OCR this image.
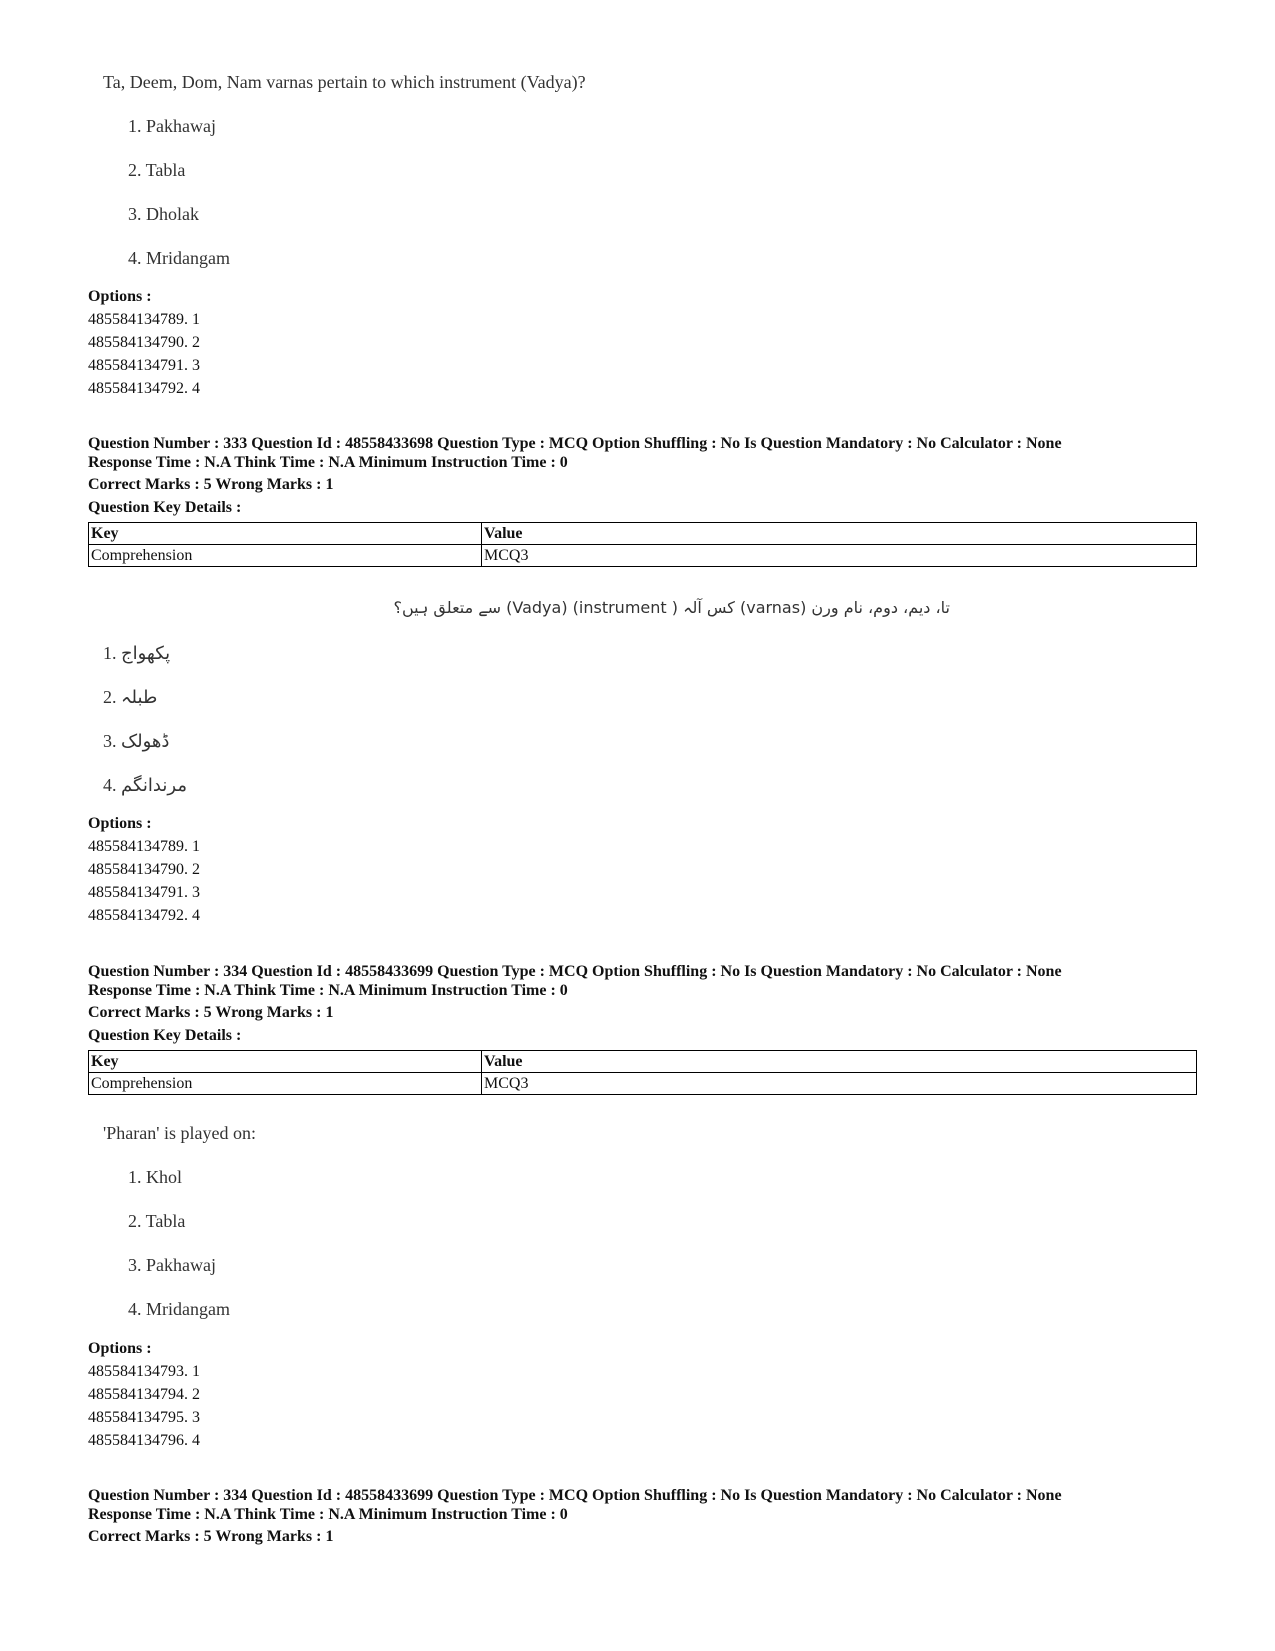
Ta, Deem, Dom, Nam varnas pertain to which instrument (Vadya)?
1. Pakhawaj
2. Tabla
3. Dholak
4. Mridangam
Options :
485584134789. 1
485584134790. 2
485584134791. 3
485584134792. 4
Question Number : 333 Question Id : 48558433698 Question Type : MCQ Option Shuffling : No Is Question Mandatory : No Calculator : None
Response Time : N.A Think Time : N.A Minimum Instruction Time : 0
Correct Marks : 5 Wrong Marks : 1
Question Key Details :
Key	Value
Comprehension	MCQ3
تا، دیم، دوم، نام ورن (varnas) کس آلہ ( instrument) (Vadya) سے متعلق ہیں؟
1. پکھواج
2. طبلہ
3. ڈھولک
4. مرندانگم
Options :
485584134789. 1
485584134790. 2
485584134791. 3
485584134792. 4
Question Number : 334 Question Id : 48558433699 Question Type : MCQ Option Shuffling : No Is Question Mandatory : No Calculator : None
Response Time : N.A Think Time : N.A Minimum Instruction Time : 0
Correct Marks : 5 Wrong Marks : 1
Question Key Details :
Key	Value
Comprehension	MCQ3
'Pharan' is played on:
1. Khol
2. Tabla
3. Pakhawaj
4. Mridangam
Options :
485584134793. 1
485584134794. 2
485584134795. 3
485584134796. 4
Question Number : 334 Question Id : 48558433699 Question Type : MCQ Option Shuffling : No Is Question Mandatory : No Calculator : None
Response Time : N.A Think Time : N.A Minimum Instruction Time : 0
Correct Marks : 5 Wrong Marks : 1
